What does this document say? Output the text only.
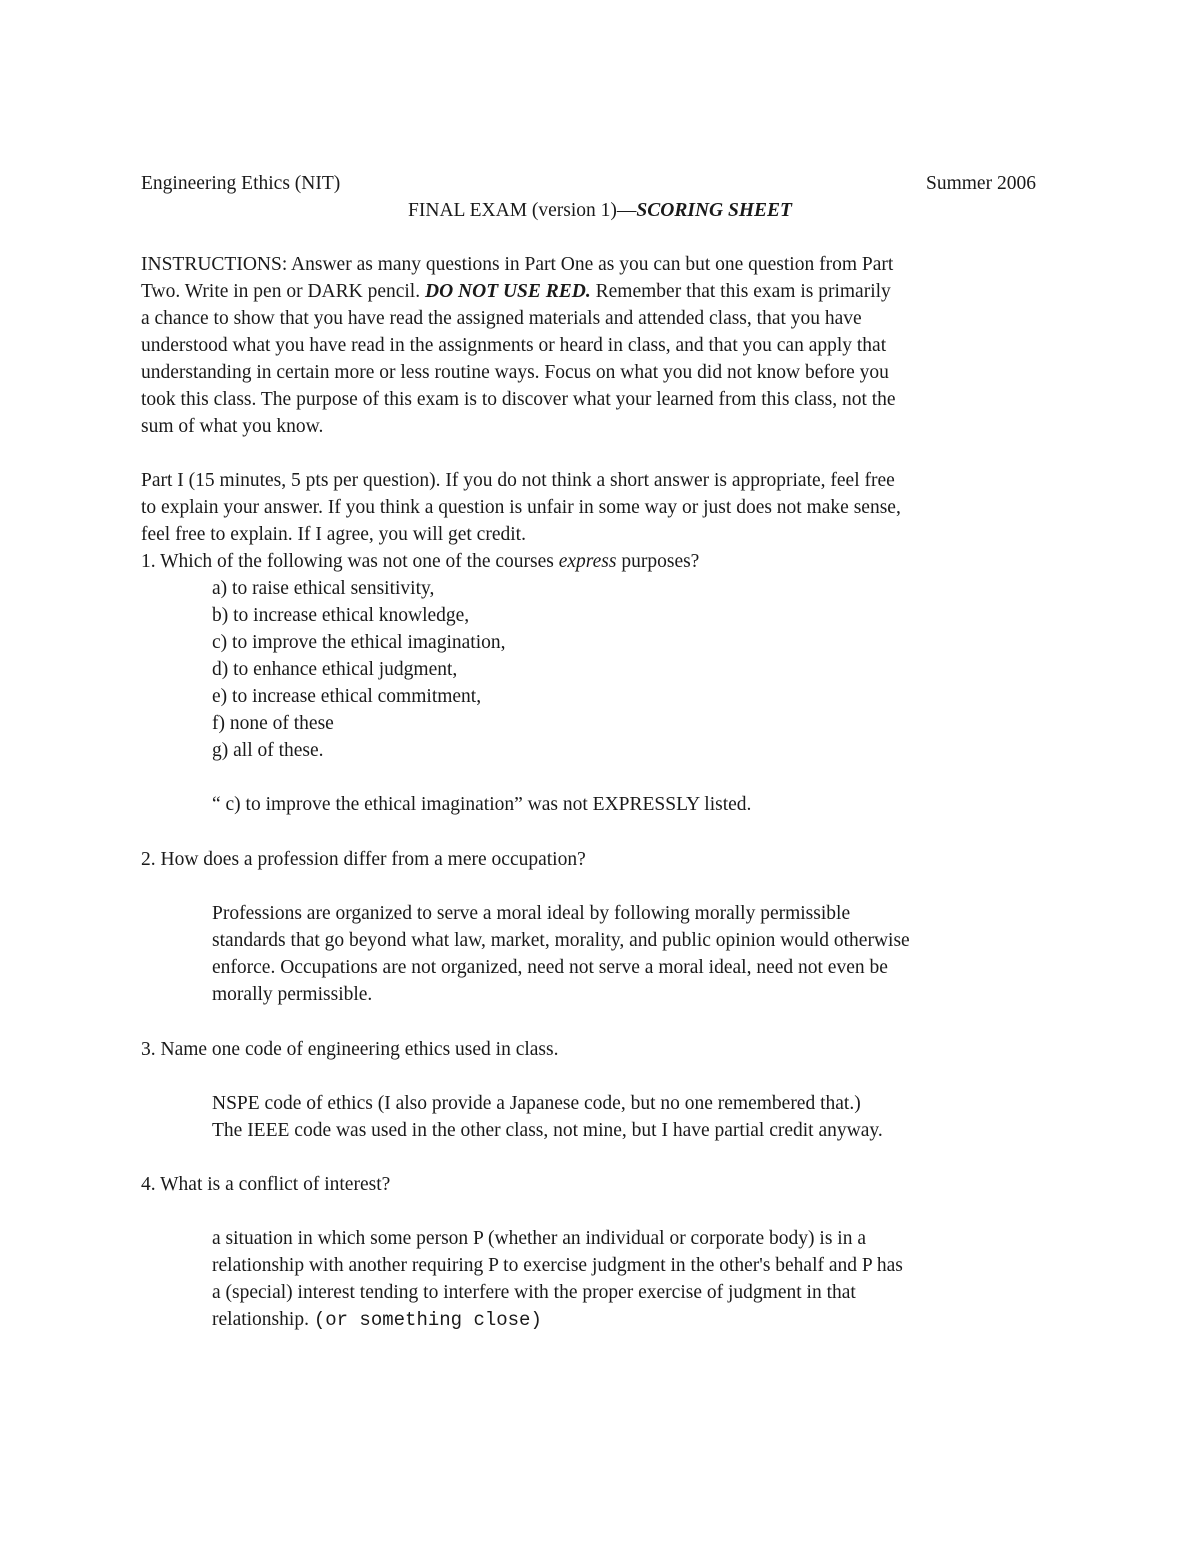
Engineering Ethics (NIT)	Summer 2006
FINAL EXAM (version 1)—SCORING SHEET
INSTRUCTIONS: Answer as many questions in Part One as you can but one question from Part
Two. Write in pen or DARK pencil. DO NOT USE RED. Remember that this exam is primarily
a chance to show that you have read the assigned materials and attended class, that you have
understood what you have read in the assignments or heard in class, and that you can apply that
understanding in certain more or less routine ways. Focus on what you did not know before you
took this class. The purpose of this exam is to discover what your learned from this class, not the
sum of what you know.
Part I (15 minutes, 5 pts per question). If you do not think a short answer is appropriate, feel free
to explain your answer. If you think a question is unfair in some way or just does not make sense,
feel free to explain. If I agree, you will get credit.
1. Which of the following was not one of the courses express purposes?
a) to raise ethical sensitivity,
b) to increase ethical knowledge,
c) to improve the ethical imagination,
d) to enhance ethical judgment,
e) to increase ethical commitment,
f) none of these
g) all of these.
“ c) to improve the ethical imagination” was not EXPRESSLY listed.
2. How does a profession differ from a mere occupation?
Professions are organized to serve a moral ideal by following morally permissible
standards that go beyond what law, market, morality, and public opinion would otherwise
enforce. Occupations are not organized, need not serve a moral ideal, need not even be
morally permissible.
3. Name one code of engineering ethics used in class.
NSPE code of ethics (I also provide a Japanese code, but no one remembered that.)
The IEEE code was used in the other class, not mine, but I have partial credit anyway.
4. What is a conflict of interest?
a situation in which some person P (whether an individual or corporate body) is in a
relationship with another requiring P to exercise judgment in the other's behalf and P has
a (special) interest tending to interfere with the proper exercise of judgment in that
relationship. (or something close)
